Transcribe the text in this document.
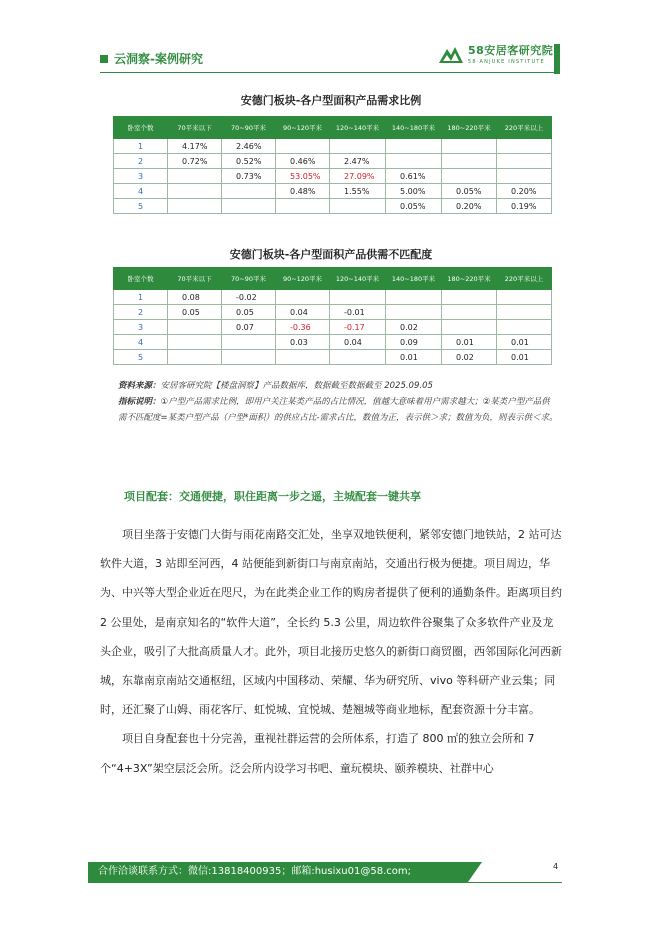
云洞察-案例研究
58安居客研究院
58·ANJUKE INSTITUTE
安德门板块-各户型面积产品需求比例
卧室个数	70平米以下	70~90平米	90~120平米	120~140平米	140~180平米	180~220平米	220平米以上
1	4.17%	2.46%					
2	0.72%	0.52%	0.46%	2.47%			
3		0.73%	53.05%	27.09%	0.61%		
4			0.48%	1.55%	5.00%	0.05%	0.20%
5					0.05%	0.20%	0.19%
安德门板块-各户型面积产品供需不匹配度
卧室个数	70平米以下	70~90平米	90~120平米	120~140平米	140~180平米	180~220平米	220平米以上
1	0.08	-0.02					
2	0.05	0.05	0.04	-0.01			
3		0.07	-0.36	-0.17	0.02		
4			0.03	0.04	0.09	0.01	0.01
5					0.01	0.02	0.01
资料来源：安居客研究院【楼盘洞察】产品数据库，数据截至数据截至 2025.09.05
指标说明：①户型产品需求比例，即用户关注某类产品的占比情况，值越大意味着用户需求越大；②某类户型产品供需不匹配度=某类户型产品（户型*面积）的供应占比-需求占比，数值为正，表示供＞求；数值为负，则表示供＜求。
项目配套：交通便捷，职住距离一步之遥，主城配套一键共享

项目坐落于安德门大街与雨花南路交汇处，坐享双地铁便利，紧邻安德门地铁站，2 站可达软件大道，3 站即至河西，4 站便能到新街口与南京南站，交通出行极为便捷。项目周边，华为、中兴等大型企业近在咫尺，为在此类企业工作的购房者提供了便利的通勤条件。距离项目约 2 公里处，是南京知名的“软件大道”，全长约 5.3 公里，周边软件谷聚集了众多软件产业及龙头企业，吸引了大批高质量人才。此外，项目北接历史悠久的新街口商贸圈，西邻国际化河西新城，东靠南京南站交通枢纽，区域内中国移动、荣耀、华为研究所、vivo 等科研产业云集；同时，还汇聚了山姆、雨花客厅、虹悦城、宜悦城、楚翘城等商业地标，配套资源十分丰富。

项目自身配套也十分完善，重视社群运营的会所体系，打造了 800 ㎡的独立会所和 7 个“4+3X”架空层泛会所。泛会所内设学习书吧、童玩模块、颐养模块、社群中心

合作洽谈联系方式：微信:13818400935；邮箱:husixu01@58.com;	4
